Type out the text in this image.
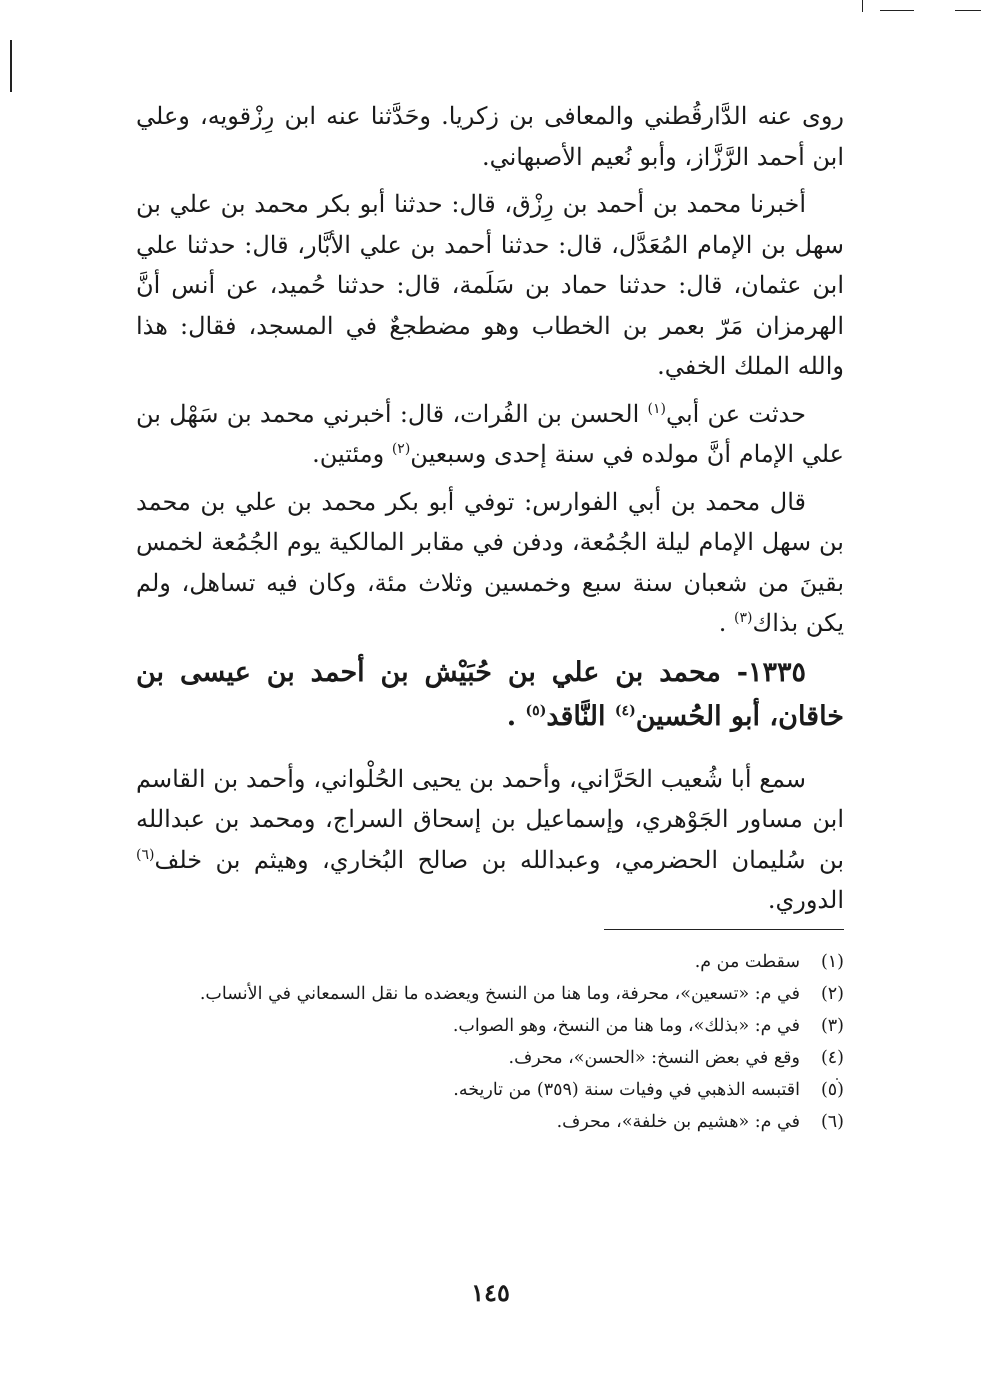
روى عنه الدَّارقُطني والمعافى بن زكريا. وحَدَّثنا عنه ابن رِزْقويه، وعلي ابن أحمد الرَّزَّاز، وأبو نُعيم الأصبهاني.

أخبرنا محمد بن أحمد بن رِزْق، قال: حدثنا أبو بكر محمد بن علي بن سهل بن الإمام المُعَدَّل، قال: حدثنا أحمد بن علي الأبَّار، قال: حدثنا علي ابن عثمان، قال: حدثنا حماد بن سَلَمة، قال: حدثنا حُميد، عن أنس أنَّ الهرمزان مَرّ بعمر بن الخطاب وهو مضطجعٌ في المسجد، فقال: هذا والله الملك الخفي.

حدثت عن أبي$^{(١)}$ الحسن بن الفُرات، قال: أخبرني محمد بن سَهْل بن علي الإمام أنَّ مولده في سنة إحدى وسبعين$^{(٢)}$ ومئتين.

قال محمد بن أبي الفوارس: توفي أبو بكر محمد بن علي بن محمد بن سهل الإمام ليلة الجُمُعة، ودفن في مقابر المالكية يوم الجُمُعة لخمس بقينَ من شعبان سنة سبع وخمسين وثلاث مئة، وكان فيه تساهل، ولم يكن بذاك$^{(٣)}$ .

١٣٣٥- محمد بن علي بن حُبَيْش بن أحمد بن عيسى بن خاقان، أبو الحُسين$^{(٤)}$ النَّاقد$^{(٥)}$ .

سمع أبا شُعيب الحَرَّاني، وأحمد بن يحيى الحُلْواني، وأحمد بن القاسم ابن مساور الجَوْهري، وإسماعيل بن إسحاق السراج، ومحمد بن عبدالله بن سُليمان الحضرمي، وعبدالله بن صالح البُخاري، وهيثم بن خلف$^{(٦)}$ الدوري.

(١)سقطت من م.

(٢)في م: «تسعين»، محرفة، وما هنا من النسخ ويعضده ما نقل السمعاني في الأنساب.

(٣)في م: «بذلك»، وما هنا من النسخ، وهو الصواب.

(٤)وقع في بعض النسخ: «الحسن»، محرف.

(٥)اقتبسه الذهبي في وفيات سنة (٣٥٩) من تاريخه.

(٦)في م: «هشيم بن خلفة»، محرف.

١٤٥
